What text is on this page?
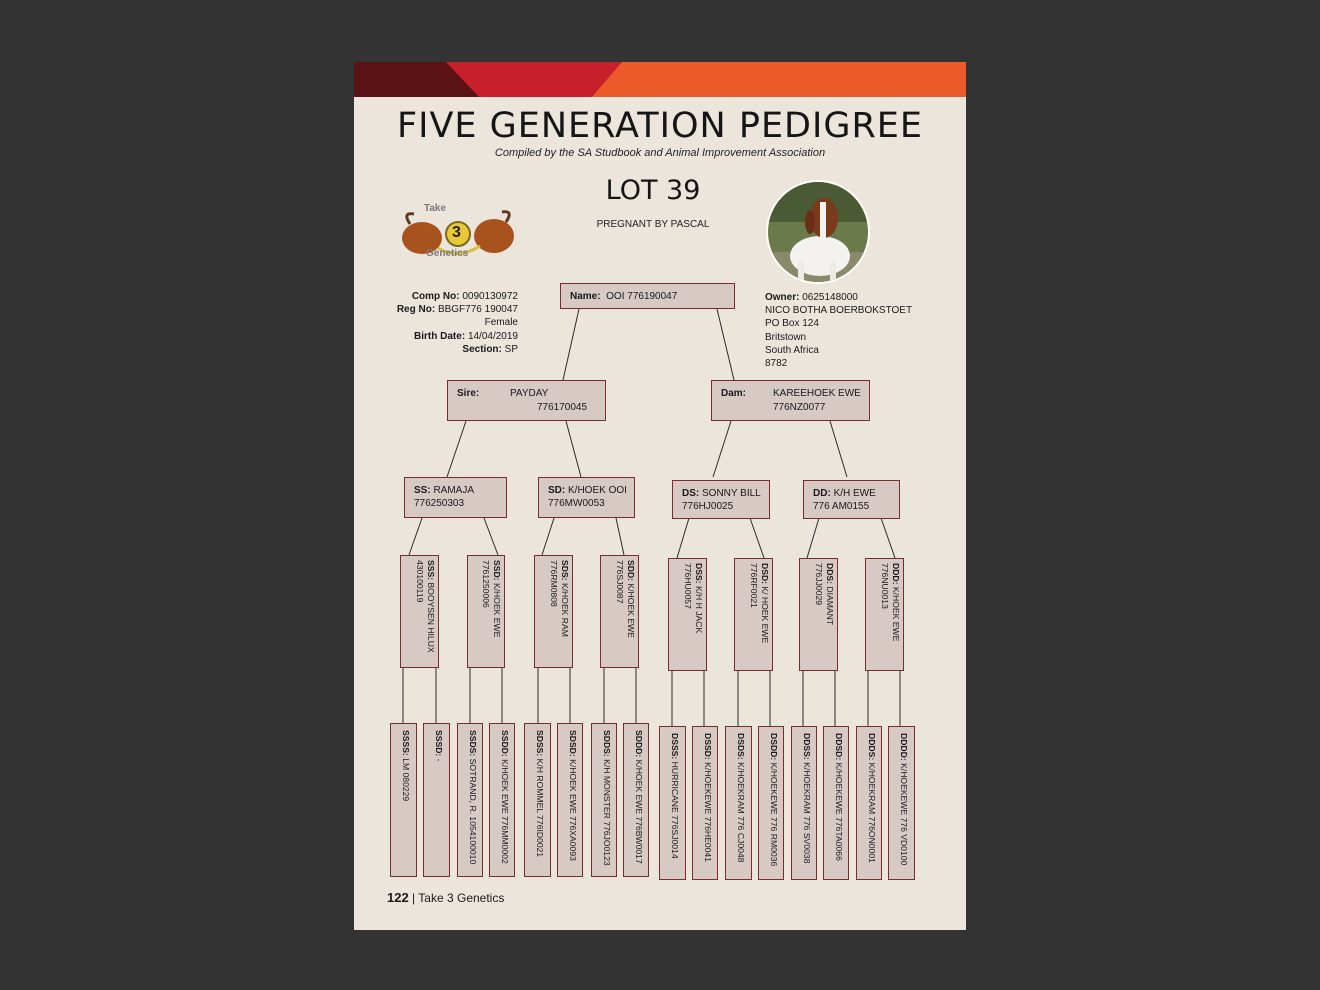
FIVE GENERATION PEDIGREE
Compiled by the SA Studbook and Animal Improvement Association
LOT 39
PREGNANT BY PASCAL
Take
3
Genetics
Comp No: 0090130972
Reg No: BBGF776 190047
Female
Birth Date: 14/04/2019
Section: SP
Owner: 0625148000
NICO BOTHA BOERBOKSTOET
PO Box 124
Britstown
South Africa
8782
Name: OOI 776190047
Sire:	PAYDAY
776170045
Dam:	KAREEHOEK EWE
776NZ0077
SS: RAMAJA
776250303
SD: K/HOEK OOI
776MW0053
DS: SONNY BILL
776HJ0025
DD: K/H EWE
776 AM0155
SSS: BOOYSEN HILUX
430100119	SSD: K/HOEK EWE
7761250006	SDS: K/HOEK RAM
776RM0808	SDD: K/HOEK EWE
776SJ0087	DSS: K/H H JACK
776HU0057	DSD: K/ HOEK EWE
776RF0021	DDS: DIAMANT
776JJ0029	DDD: K/HOEK EWE
776NU0013
SSSS: LM 080229
SSSD: -
SSDS: SOTRAND, R. 1054100010
SSDD: K/HOEK EWE 776MM0002
SDSS: K/H ROMMEL 776ID0021
SDSD: K/HOEK EWE 776XA0093
SDDS: K/H MONSTER 776JO0123
SDDD: K/HOEK EWE 776BW0017
DSSS: HURRICANE 776SJ0014
DSSD: K/HOEKEWE 776HE0041
DSDS: K/HOEKRAM 776 CJ0048
DSDD: K/HOEKEWE 776 RM0036
DDSS: K/HOEKRAM 776 SV0038
DDSD: K/HOEKEWE 776TA0066
DDDS: K/HOEKRAM 776ON0001
DDDD: K/HOEKEWE 776 VD0100
122 | Take 3 Genetics
